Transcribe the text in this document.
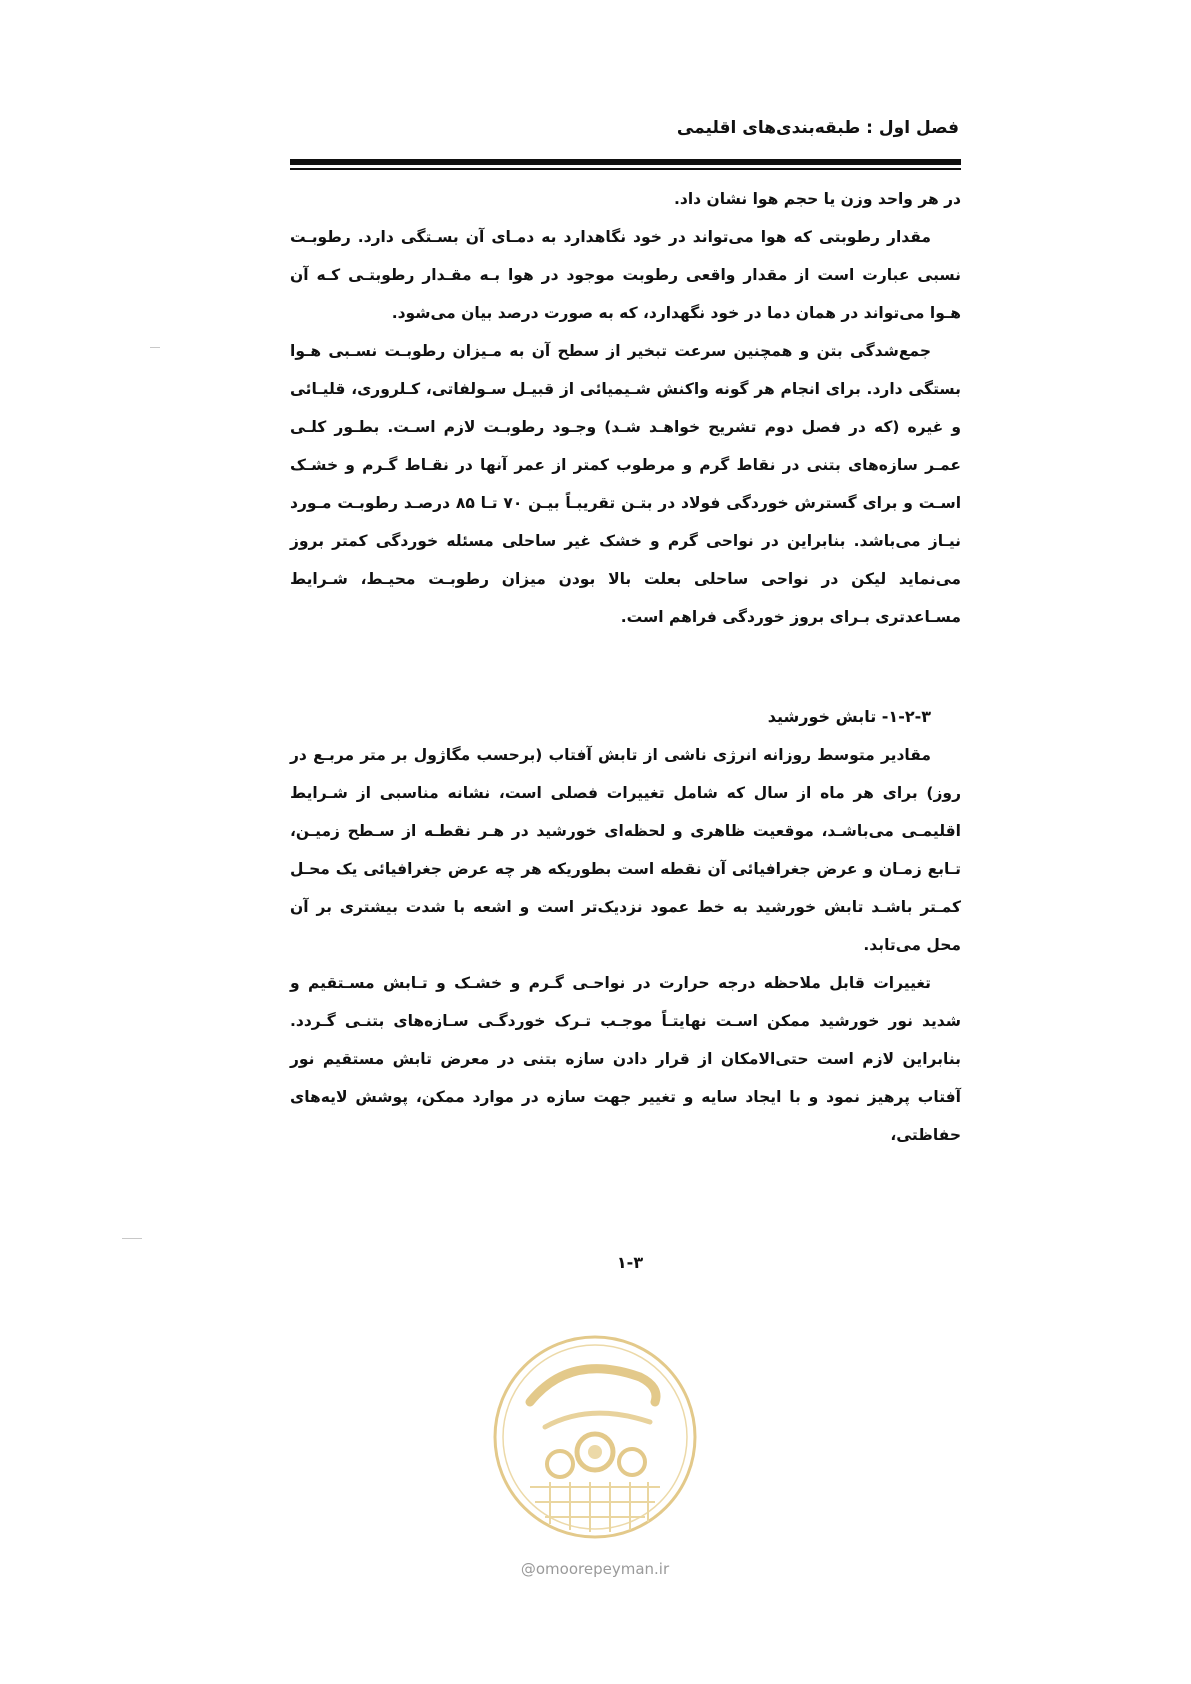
فصل اول : طبقه‌بندی‌های اقلیمی

در هر واحد وزن یا حجم هوا نشان داد.

مقدار رطوبتی که هوا می‌تواند در خود نگاهدارد به دمـای آن بسـتگی دارد. رطوبـت نسبی عبارت است از مقدار واقعی رطوبت موجود در هوا بـه مقـدار رطوبتـی کـه آن هـوا می‌تواند در همان دما در خود نگهدارد، که به صورت درصد بیان می‌شود.

جمع‌شدگی بتن و همچنین سرعت تبخیر از سطح آن به مـیزان رطوبـت نسـبی هـوا بستگی دارد. برای انجام هر گونه واکنش شـیمیائی از قبیـل سـولفاتی، کـلروری، قلیـائی و غیره (که در فصل دوم تشریح خواهـد شـد) وجـود رطوبـت لازم اسـت. بطـور کلـی عمـر سازه‌های بتنی در نقاط گرم و مرطوب کمتر از عمر آنها در نقـاط گـرم و خشـک اسـت و برای گسترش خوردگی فولاد در بتـن تقریبـاً بیـن ۷۰ تـا ۸۵ درصـد رطوبـت مـورد نیـاز می‌باشد. بنابراین در نواحی گرم و خشک غیر ساحلی مسئله خوردگی کمتر بروز می‌نماید لیکن در نواحی ساحلی بعلت بالا بودن میزان رطوبـت محیـط، شـرایط مسـاعدتری بـرای بروز خوردگی فراهم است.

۱-۲-۳- تابش خورشید

مقادیر متوسط روزانه انرژی ناشی از تابش آفتاب (برحسب مگاژول بر متر مربـع در روز) برای هر ماه از سال که شامل تغییرات فصلی است، نشانه مناسبی از شـرایط اقلیمـی می‌باشـد، موقعیت ظاهری و لحظه‌ای خورشید در هـر نقطـه از سـطح زمیـن، تـابع زمـان و عرض جغرافیائی آن نقطه است بطوریکه هر چه عرض جغرافیائی یک محـل کمـتر باشـد تابش خورشید به خط عمود نزدیک‌تر است و اشعه با شدت بیشتری بر آن محل می‌تابد.

تغییرات قابل ملاحظه درجه حرارت در نواحـی گـرم و خشـک و تـابش مسـتقیم و شدید نور خورشید ممکن اسـت نهایتـاً موجـب تـرک خوردگـی سـازه‌های بتنـی گـردد. بنابراین لازم است حتی‌الامکان از قرار دادن سازه بتنی در معرض تابش مستقیم نور آفتاب پرهیز نمود و با ایجاد سایه و تغییر جهت سازه در موارد ممکن، پوشش لایه‌های حفاظتی،

۱-۳
@omoorepeyman.ir
